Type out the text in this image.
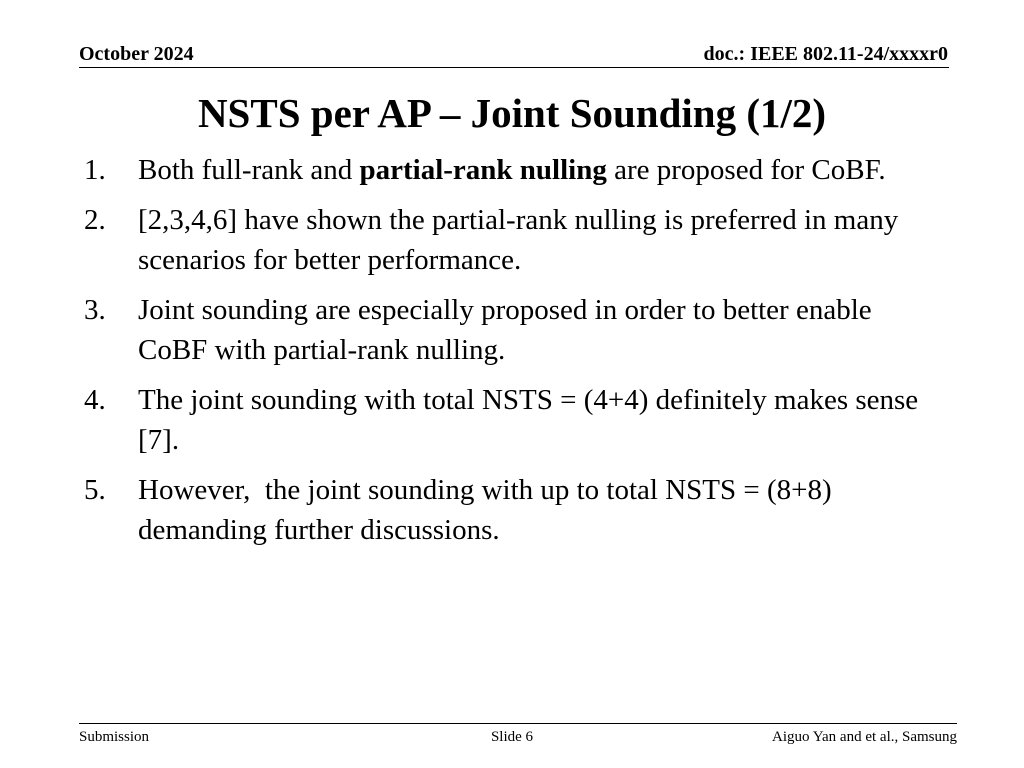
October 2024	doc.: IEEE 802.11-24/xxxxr0
NSTS per AP – Joint Sounding (1/2)
1.	Both full-rank and partial-rank nulling are proposed for CoBF.
2.	[2,3,4,6] have shown the partial-rank nulling is preferred in many scenarios for better performance.
3.	Joint sounding are especially proposed in order to better enable CoBF with partial-rank nulling.
4.	The joint sounding with total NSTS = (4+4) definitely makes sense [7].
5.	However,  the joint sounding with up to total NSTS = (8+8) demanding further discussions.
Submission	Slide 6	Aiguo Yan and et al., Samsung
